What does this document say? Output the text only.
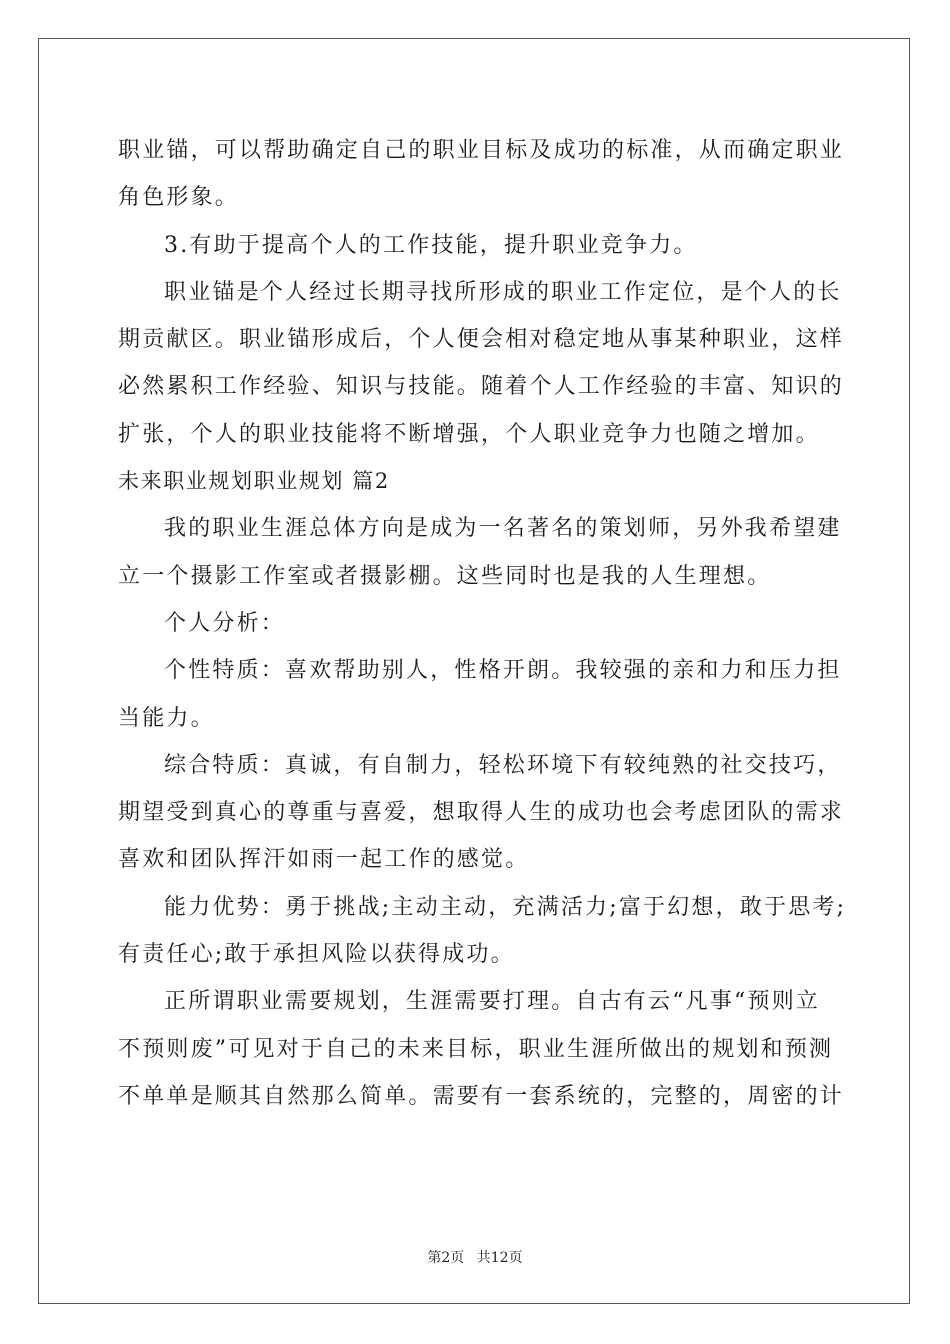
职业锚，可以帮助确定自己的职业目标及成功的标准，从而确定职业
角色形象。
3.有助于提高个人的工作技能，提升职业竞争力。
职业锚是个人经过长期寻找所形成的职业工作定位，是个人的长
期贡献区。职业锚形成后，个人便会相对稳定地从事某种职业，这样
必然累积工作经验、知识与技能。随着个人工作经验的丰富、知识的
扩张，个人的职业技能将不断增强，个人职业竞争力也随之增加。
未来职业规划职业规划 篇2
我的职业生涯总体方向是成为一名著名的策划师，另外我希望建
立一个摄影工作室或者摄影棚。这些同时也是我的人生理想。
个人分析：
个性特质：喜欢帮助别人，性格开朗。我较强的亲和力和压力担
当能力。
综合特质：真诚，有自制力，轻松环境下有较纯熟的社交技巧，
期望受到真心的尊重与喜爱，想取得人生的成功也会考虑团队的需求
喜欢和团队挥汗如雨一起工作的感觉。
能力优势：勇于挑战;主动主动，充满活力;富于幻想，敢于思考;
有责任心;敢于承担风险以获得成功。
正所谓职业需要规划，生涯需要打理。自古有云“凡事“预则立
不预则废”可见对于自己的未来目标，职业生涯所做出的规划和预测
不单单是顺其自然那么简单。需要有一套系统的，完整的，周密的计
第2页 共12页
